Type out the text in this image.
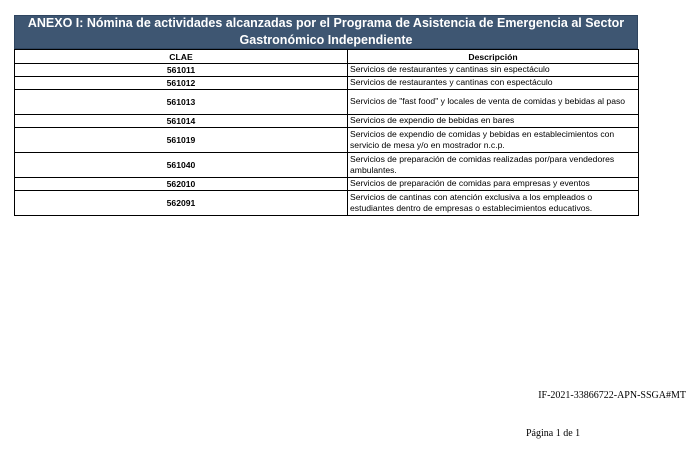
ANEXO I: Nómina de actividades alcanzadas por el Programa de Asistencia de Emergencia al Sector
Gastronómico Independiente
CLAE	Descripción
561011	Servicios de restaurantes y cantinas sin espectáculo
561012	Servicios de restaurantes y cantinas con espectáculo
561013	Servicios de "fast food" y locales de venta de comidas y bebidas al paso
561014	Servicios de expendio de bebidas en bares
561019	Servicios de expendio de comidas y bebidas en establecimientos con servicio de mesa y/o en mostrador n.c.p.
561040	Servicios de preparación de comidas realizadas por/para vendedores ambulantes.
562010	Servicios de preparación de comidas para empresas y eventos
562091	Servicios de cantinas con atención exclusiva a los empleados o estudiantes dentro de empresas o establecimientos educativos.
IF-2021-33866722-APN-SSGA#MT
Página 1 de 1
